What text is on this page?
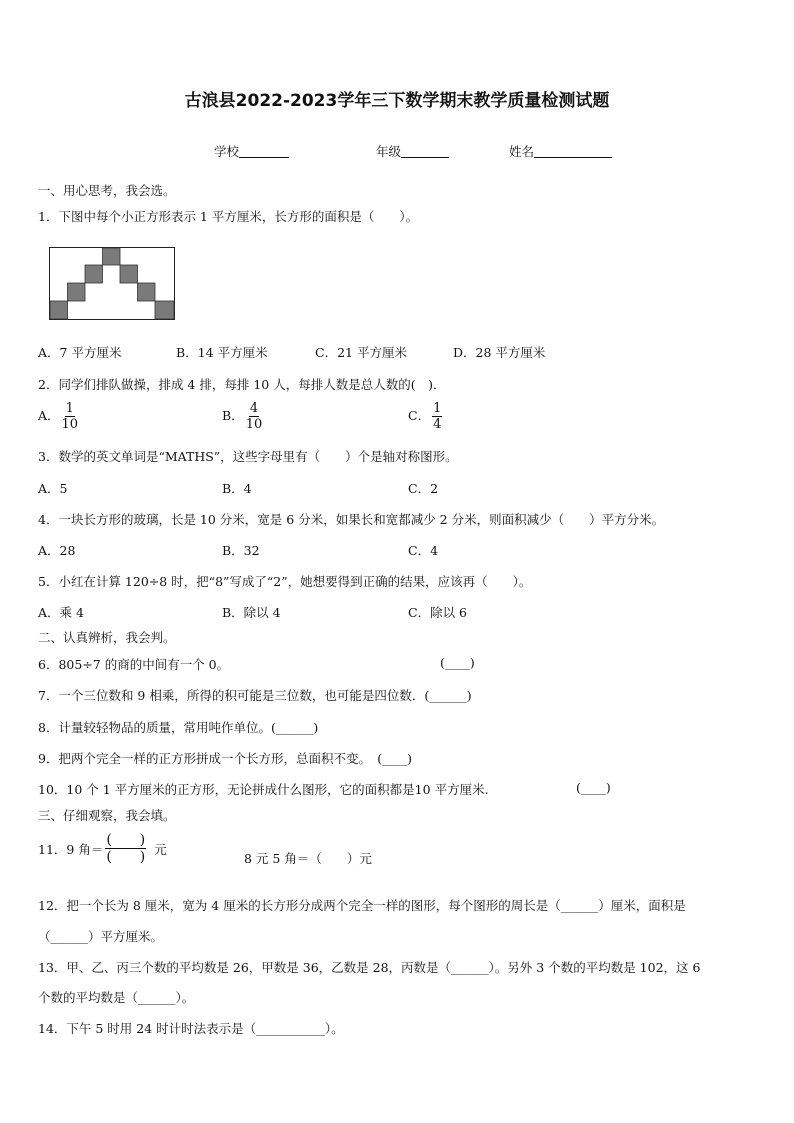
古浪县2022-2023学年三下数学期末教学质量检测试题
学校	年级	姓名
一、用心思考，我会选。
1．下图中每个小正方形表示 1 平方厘米，长方形的面积是（　　）。
A．7 平方厘米	B．14 平方厘米	C．21 平方厘米	D．28 平方厘米
2．同学们排队做操，排成 4 排，每排 10 人，每排人数是总人数的(　)．
A． $\frac{1}{10}$	B． $\frac{4}{10}$	C． $\frac{1}{4}$
3．数学的英文单词是“MATHS”，这些字母里有（　　）个是轴对称图形。
A．5	B．4	C．2
4．一块长方形的玻璃，长是 10 分米，宽是 6 分米，如果长和宽都减少 2 分米，则面积减少（　　）平方分米。
A．28	B．32	C．4
5．小红在计算 120÷8 时，把“8”写成了“2”，她想要得到正确的结果，应该再（　　）。
A．乘 4	B．除以 4	C．除以 6
二、认真辨析，我会判。
6．805÷7 的商的中间有一个 0。	(____)
7．一个三位数和 9 相乘，所得的积可能是三位数，也可能是四位数．(______)
8．计量较轻物品的质量，常用吨作单位。(______)
9．把两个完全一样的正方形拼成一个长方形，总面积不变。　(____)
10．10 个 1 平方厘米的正方形，无论拼成什么图形，它的面积都是10 平方厘米.	(____)
三、仔细观察，我会填。
11．9 角＝ $\frac{( )}{( )}$ 元
8 元 5 角＝（　　）元
12．把一个长为 8 厘米，宽为 4 厘米的长方形分成两个完全一样的图形，每个图形的周长是（______）厘米，面积是
（______）平方厘米。
13．甲、乙、丙三个数的平均数是 26，甲数是 36，乙数是 28，丙数是（______）。另外 3 个数的平均数是 102，这 6
个数的平均数是（______）。
14．下午 5 时用 24 时计时法表示是（___________）。
